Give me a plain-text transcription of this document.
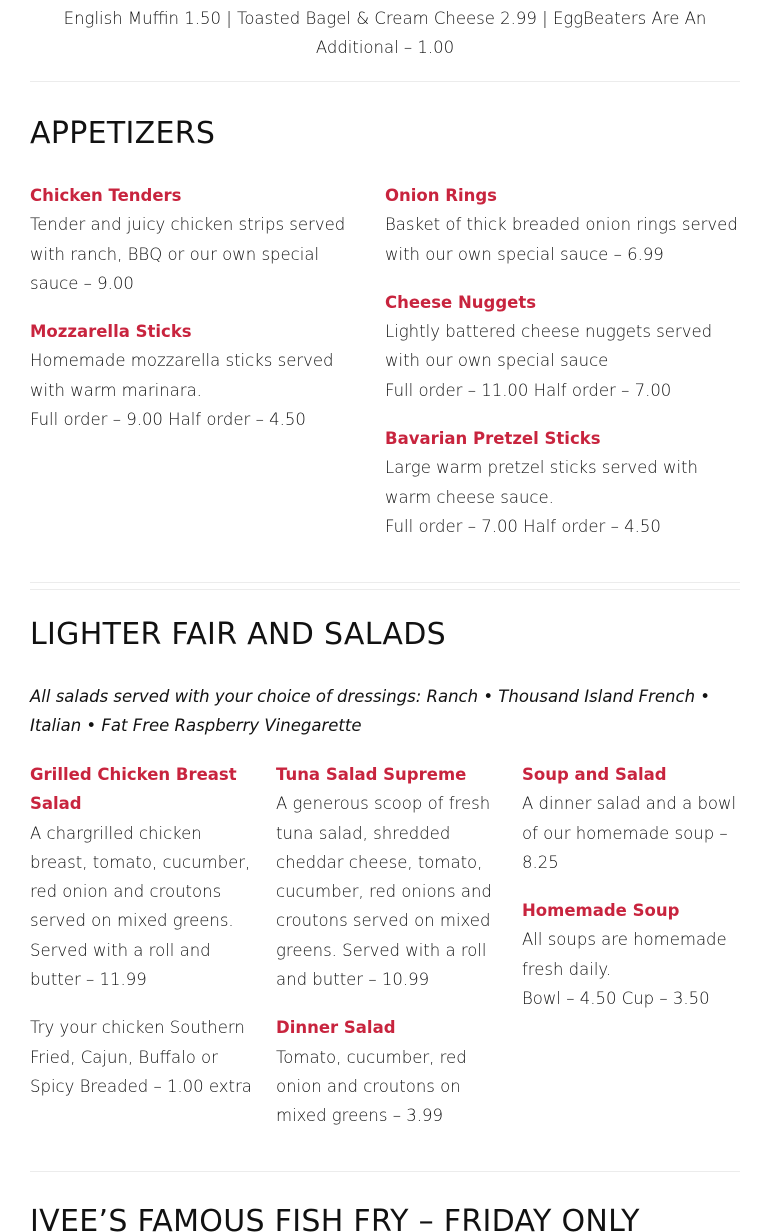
English Muffin 1.50 | Toasted Bagel & Cream Cheese 2.99 | EggBeaters Are An Additional – 1.00
APPETIZERS
Chicken Tenders
Tender and juicy chicken strips served with ranch, BBQ or our own special sauce – 9.00
Mozzarella Sticks
Homemade mozzarella sticks served with warm marinara.
Full order – 9.00 Half order – 4.50
Onion Rings
Basket of thick breaded onion rings served with our own special sauce – 6.99
Cheese Nuggets
Lightly battered cheese nuggets served with our own special sauce
Full order – 11.00 Half order – 7.00
Bavarian Pretzel Sticks
Large warm pretzel sticks served with warm cheese sauce.
Full order – 7.00 Half order – 4.50
LIGHTER FAIR AND SALADS
All salads served with your choice of dressings: Ranch • Thousand Island French • Italian • Fat Free Raspberry Vinegarette
Grilled Chicken Breast Salad
A chargrilled chicken breast, tomato, cucumber, red onion and croutons served on mixed greens. Served with a roll and butter – 11.99
Try your chicken Southern Fried, Cajun, Buffalo or Spicy Breaded – 1.00 extra
Tuna Salad Supreme
A generous scoop of fresh tuna salad, shredded cheddar cheese, tomato, cucumber, red onions and croutons served on mixed greens. Served with a roll and butter – 10.99
Dinner Salad
Tomato, cucumber, red onion and croutons on mixed greens – 3.99
Soup and Salad
A dinner salad and a bowl of our homemade soup – 8.25
Homemade Soup
All soups are homemade fresh daily.
Bowl – 4.50 Cup – 3.50
IVEE’S FAMOUS FISH FRY – FRIDAY ONLY
